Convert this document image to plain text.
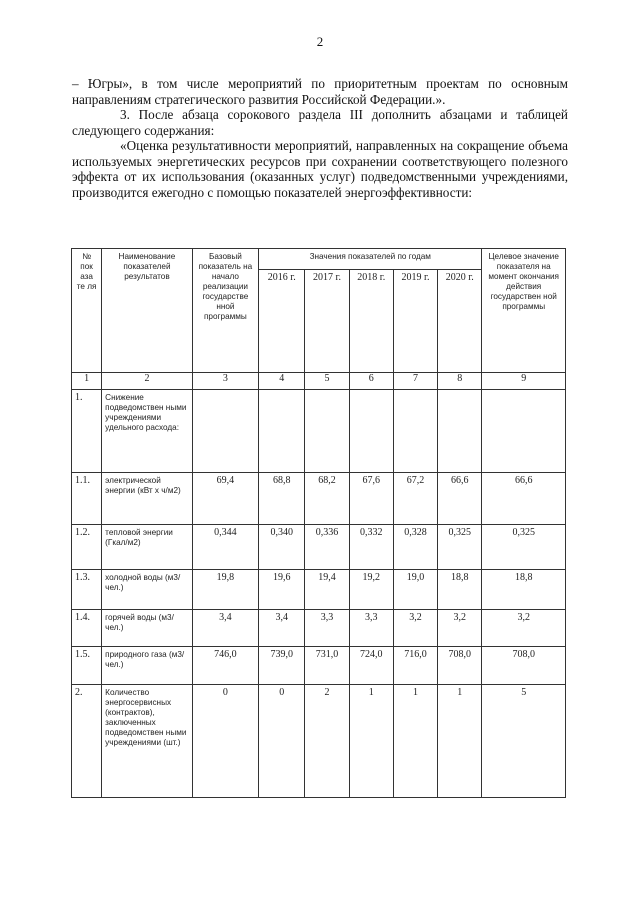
2

– Югры», в том числе мероприятий по приоритетным проектам по основным направлениям стратегического развития Российской Федерации.».

3. После абзаца сорокового раздела III дополнить абзацами и таблицей следующего содержания:

«Оценка результативности мероприятий, направленных на сокращение объема используемых энергетических ресурсов при сохранении соответствующего полезного эффекта от их использования (оказанных услуг) подведомственными учреждениями, производится ежегодно с помощью показателей энергоэффективности:

№ пок аза те ля	Наименование показателей результатов	Базовый показатель на начало реализации государстве нной программы	Значения показателей по годам					Целевое значение показателя на момент окончания действия государствен ной программы
			2016 г.	2017 г.	2018 г.	2019 г.	2020 г.	
1	2	3	4	5	6	7	8	9
1.	Снижение подведомствен ными учреждениями удельного расхода:							
1.1.	электрической энергии (кВт x ч/м2)	69,4	68,8	68,2	67,6	67,2	66,6	66,6
1.2.	тепловой энергии (Гкал/м2)	0,344	0,340	0,336	0,332	0,328	0,325	0,325
1.3.	холодной воды (м3/чел.)	19,8	19,6	19,4	19,2	19,0	18,8	18,8
1.4.	горячей воды (м3/чел.)	3,4	3,4	3,3	3,3	3,2	3,2	3,2
1.5.	природного газа (м3/чел.)	746,0	739,0	731,0	724,0	716,0	708,0	708,0
2.	Количество энергосервисных (контрактов), заключенных подведомствен ными учреждениями (шт.)	0	0	2	1	1	1	5
